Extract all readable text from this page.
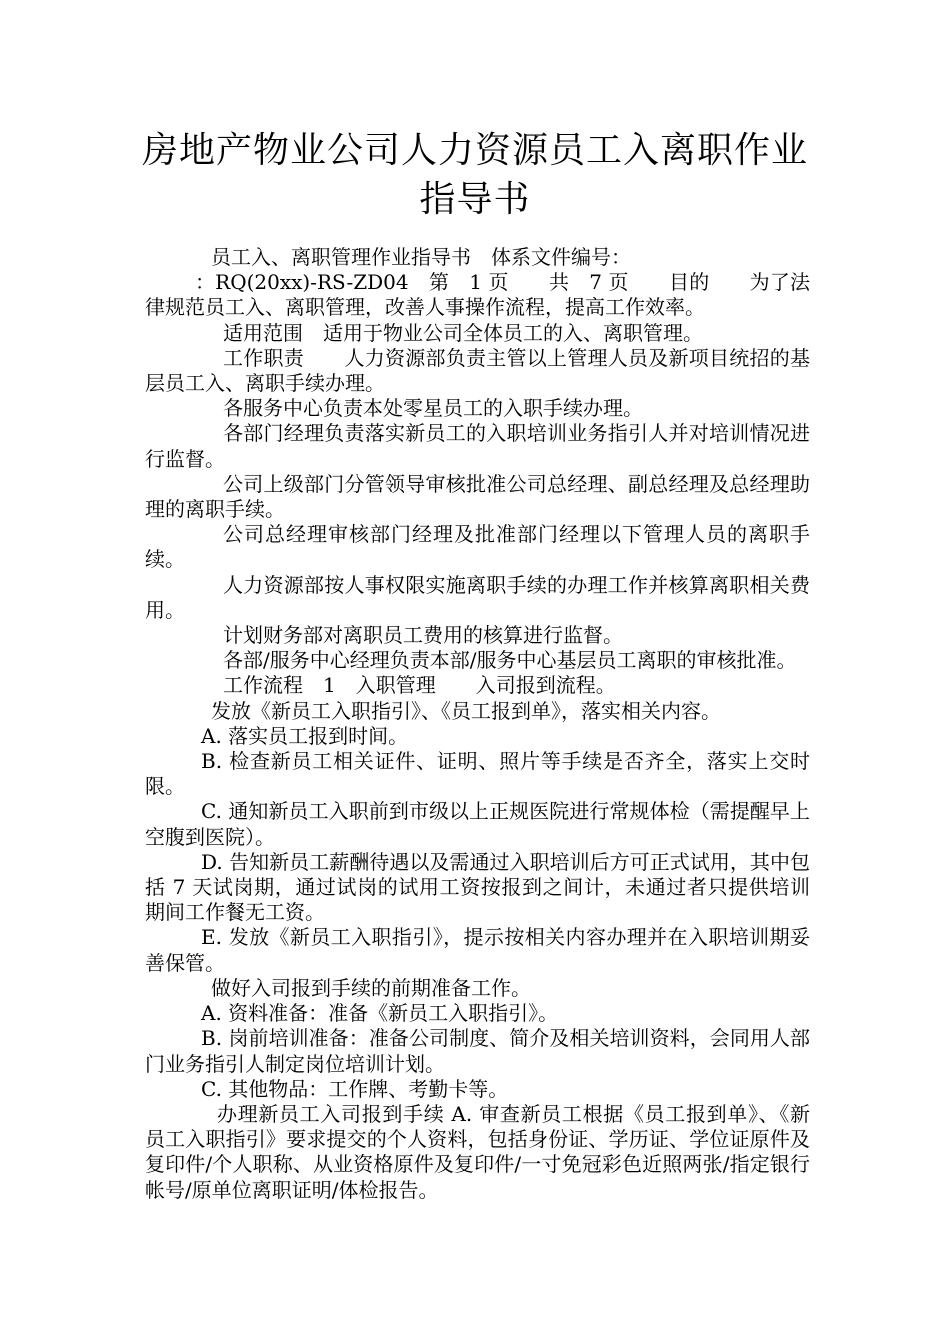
房地产物业公司人力资源员工入离职作业
指导书

员工入、离职管理作业指导书　体系文件编号：

：RQ(20xx)-RS-ZD04　第　1 页　　共　7 页　　目的　　为了法律规范员工入、离职管理，改善人事操作流程，提高工作效率。

适用范围　适用于物业公司全体员工的入、离职管理。

工作职责　　人力资源部负责主管以上管理人员及新项目统招的基层员工入、离职手续办理。

各服务中心负责本处零星员工的入职手续办理。

各部门经理负责落实新员工的入职培训业务指引人并对培训情况进行监督。

公司上级部门分管领导审核批准公司总经理、副总经理及总经理助理的离职手续。

公司总经理审核部门经理及批准部门经理以下管理人员的离职手续。

人力资源部按人事权限实施离职手续的办理工作并核算离职相关费用。

计划财务部对离职员工费用的核算进行监督。

各部/服务中心经理负责本部/服务中心基层员工离职的审核批准。

工作流程　1　入职管理　　入司报到流程。

发放《新员工入职指引》、《员工报到单》，落实相关内容。

A. 落实员工报到时间。

B. 检查新员工相关证件、证明、照片等手续是否齐全，落实上交时限。

C. 通知新员工入职前到市级以上正规医院进行常规体检（需提醒早上空腹到医院）。

D. 告知新员工薪酬待遇以及需通过入职培训后方可正式试用，其中包括 7 天试岗期，通过试岗的试用工资按报到之间计，未通过者只提供培训期间工作餐无工资。

E. 发放《新员工入职指引》，提示按相关内容办理并在入职培训期妥善保管。

做好入司报到手续的前期准备工作。

A. 资料准备：准备《新员工入职指引》。

B. 岗前培训准备：准备公司制度、简介及相关培训资料，会同用人部门业务指引人制定岗位培训计划。

C. 其他物品：工作牌、考勤卡等。

办理新员工入司报到手续 A. 审查新员工根据《员工报到单》、《新员工入职指引》要求提交的个人资料，包括身份证、学历证、学位证原件及复印件/个人职称、从业资格原件及复印件/一寸免冠彩色近照两张/指定银行帐号/原单位离职证明/体检报告。
